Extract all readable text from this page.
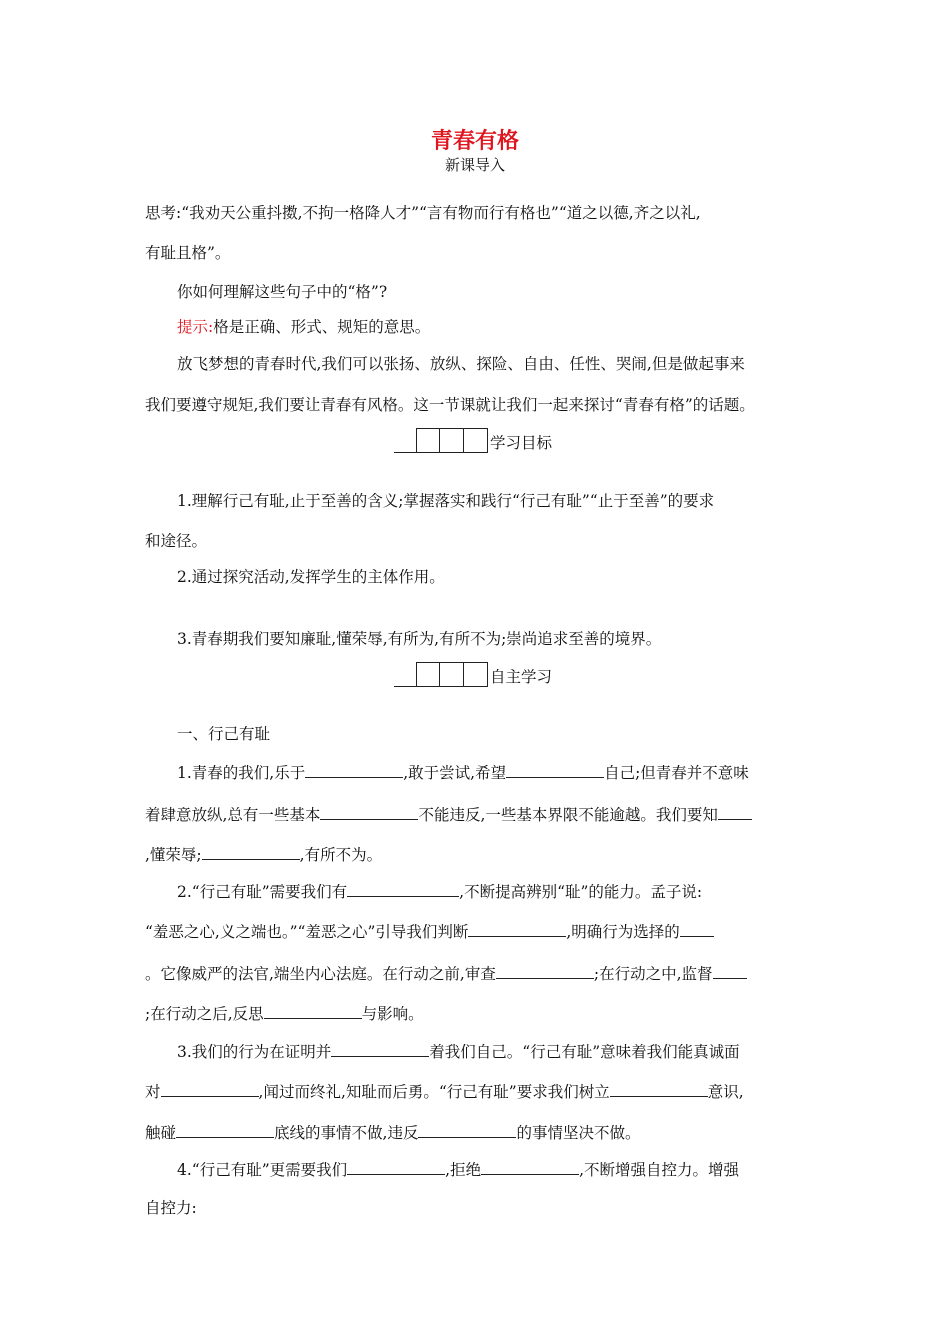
青春有格
新课导入
思考:“我劝天公重抖擞,不拘一格降人才”“言有物而行有格也”“道之以德,齐之以礼,
有耻且格”。
你如何理解这些句子中的“格”?
提示:格是正确、形式、规矩的意思。
放飞梦想的青春时代,我们可以张扬、放纵、探险、自由、任性、哭闹,但是做起事来
我们要遵守规矩,我们要让青春有风格。这一节课就让我们一起来探讨“青春有格”的话题。
学习目标
1.理解行己有耻,止于至善的含义;掌握落实和践行“行己有耻”“止于至善”的要求
和途径。
2.通过探究活动,发挥学生的主体作用。
3.青春期我们要知廉耻,懂荣辱,有所为,有所不为;崇尚追求至善的境界。
自主学习
一、行己有耻
1.青春的我们,乐于	,敢于尝试,希望	自己;但青春并不意味
着肆意放纵,总有一些基本	不能违反,一些基本界限不能逾越。我们要知
,懂荣辱;	,有所不为。
2.“行己有耻”需要我们有	,不断提高辨别“耻”的能力。孟子说:
“羞恶之心,义之端也。”“羞恶之心”引导我们判断	,明确行为选择的
。它像威严的法官,端坐内心法庭。在行动之前,审查	;在行动之中,监督
;在行动之后,反思	与影响。
3.我们的行为在证明并	着我们自己。“行己有耻”意味着我们能真诚面
对	,闻过而终礼,知耻而后勇。“行己有耻”要求我们树立	意识,
触碰	底线的事情不做,违反	的事情坚决不做。
4.“行己有耻”更需要我们	,拒绝	,不断增强自控力。增强
自控力:
